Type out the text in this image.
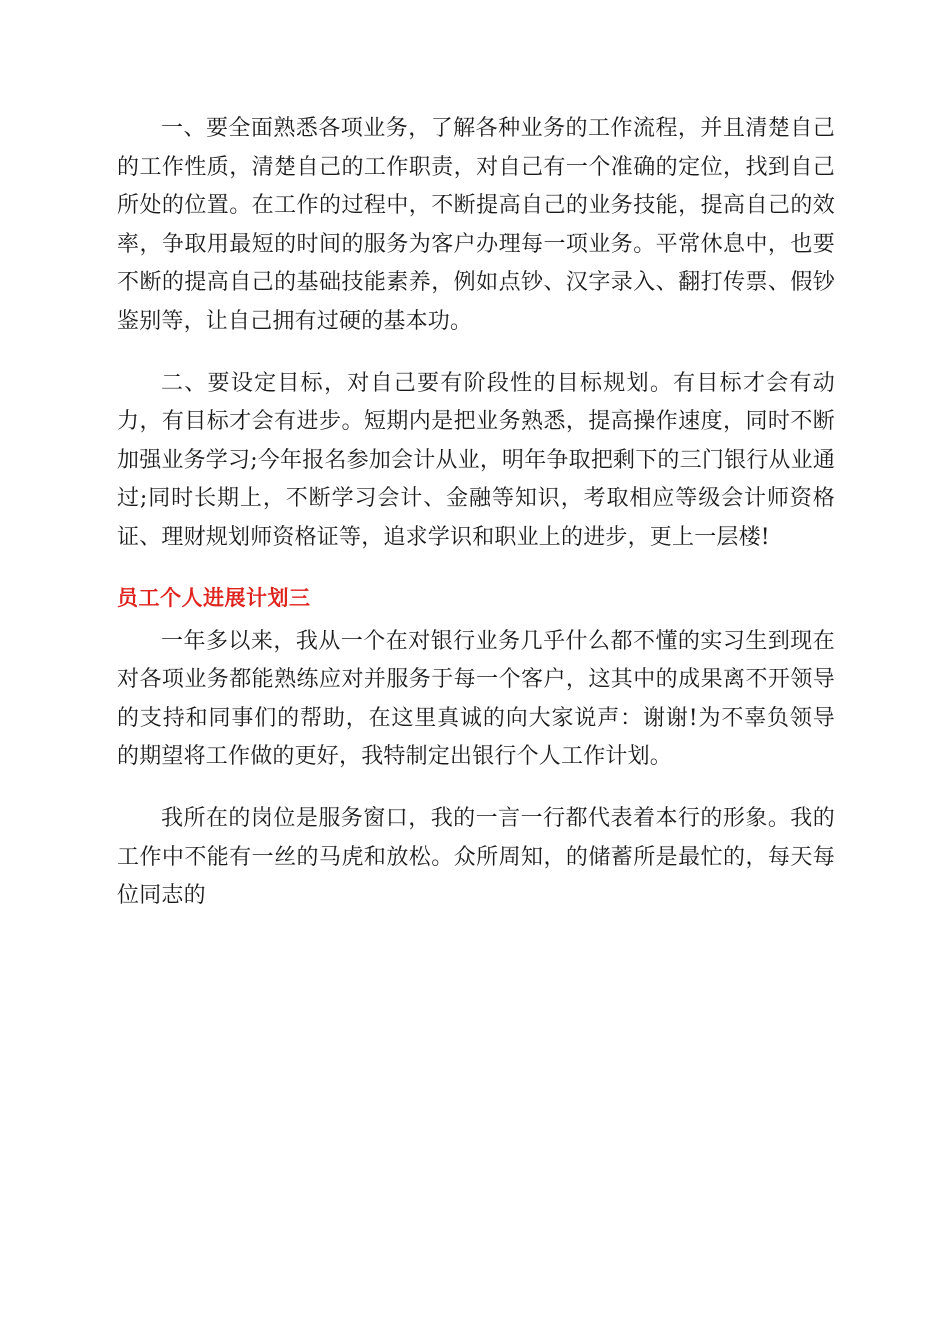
一、要全面熟悉各项业务，了解各种业务的工作流程，并且清楚自己的工作性质，清楚自己的工作职责，对自己有一个准确的定位，找到自己所处的位置。在工作的过程中，不断提高自己的业务技能，提高自己的效率，争取用最短的时间的服务为客户办理每一项业务。平常休息中，也要不断的提高自己的基础技能素养，例如点钞、汉字录入、翻打传票、假钞鉴别等，让自己拥有过硬的基本功。

二、要设定目标，对自己要有阶段性的目标规划。有目标才会有动力，有目标才会有进步。短期内是把业务熟悉，提高操作速度，同时不断加强业务学习;今年报名参加会计从业，明年争取把剩下的三门银行从业通过;同时长期上，不断学习会计、金融等知识，考取相应等级会计师资格证、理财规划师资格证等，追求学识和职业上的进步，更上一层楼!

员工个人进展计划三

一年多以来，我从一个在对银行业务几乎什么都不懂的实习生到现在对各项业务都能熟练应对并服务于每一个客户，这其中的成果离不开领导的支持和同事们的帮助，在这里真诚的向大家说声：谢谢!为不辜负领导的期望将工作做的更好，我特制定出银行个人工作计划。

我所在的岗位是服务窗口，我的一言一行都代表着本行的形象。我的工作中不能有一丝的马虎和放松。众所周知，的储蓄所是最忙的，每天每位同志的
